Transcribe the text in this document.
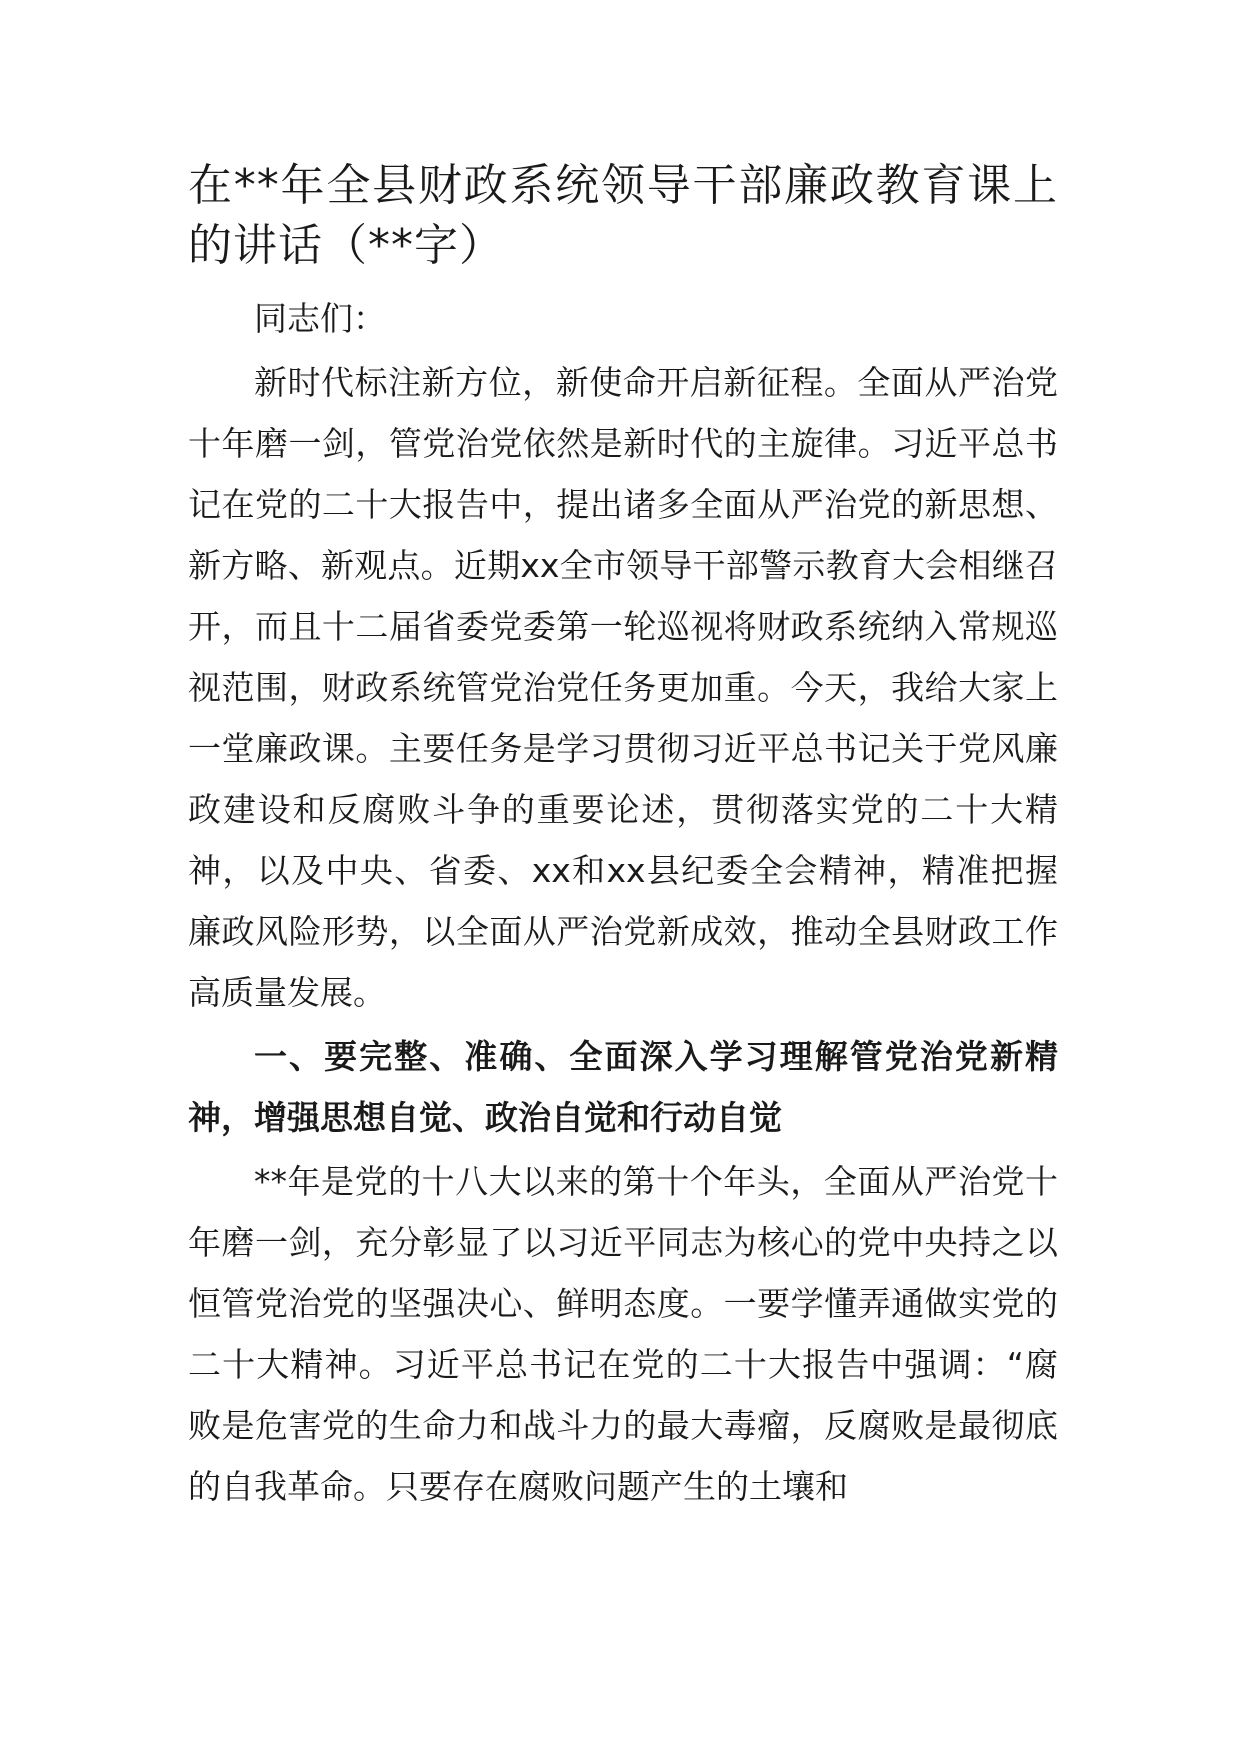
在**年全县财政系统领导干部廉政教育课上的讲话（**字）

同志们：

新时代标注新方位，新使命开启新征程。全面从严治党十年磨一剑，管党治党依然是新时代的主旋律。习近平总书记在党的二十大报告中，提出诸多全面从严治党的新思想、新方略、新观点。近期xx全市领导干部警示教育大会相继召开，而且十二届省委党委第一轮巡视将财政系统纳入常规巡视范围，财政系统管党治党任务更加重。今天，我给大家上一堂廉政课。主要任务是学习贯彻习近平总书记关于党风廉政建设和反腐败斗争的重要论述，贯彻落实党的二十大精神，以及中央、省委、xx和xx县纪委全会精神，精准把握廉政风险形势，以全面从严治党新成效，推动全县财政工作高质量发展。

一、要完整、准确、全面深入学习理解管党治党新精神，增强思想自觉、政治自觉和行动自觉

**年是党的十八大以来的第十个年头，全面从严治党十年磨一剑，充分彰显了以习近平同志为核心的党中央持之以恒管党治党的坚强决心、鲜明态度。一要学懂弄通做实党的二十大精神。习近平总书记在党的二十大报告中强调：“腐败是危害党的生命力和战斗力的最大毒瘤，反腐败是最彻底的自我革命。只要存在腐败问题产生的土壤和
